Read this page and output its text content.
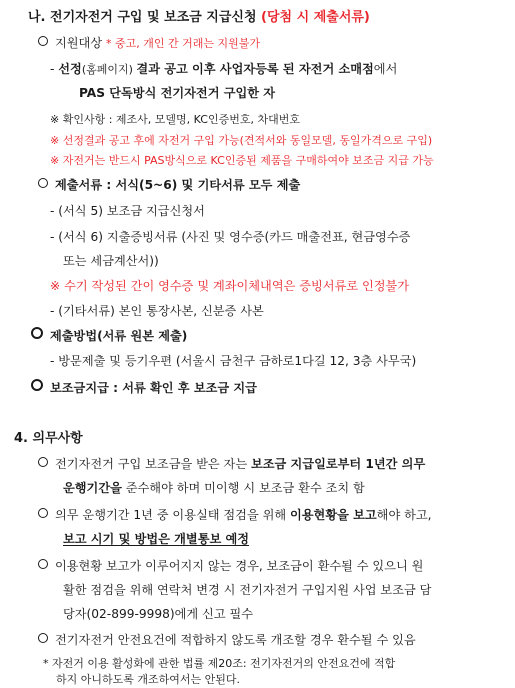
나. 전기자전거 구입 및 보조금 지급신청 (당첨 시 제출서류)
지원대상 * 중고, 개인 간 거래는 지원불가
- 선정(홈페이지) 결과 공고 이후 사업자등록 된 자전거 소매점에서
PAS 단독방식 전기자전거 구입한 자
※ 확인사항 : 제조사, 모델명, KC인증번호, 차대번호
※ 선정결과 공고 후에 자전거 구입 가능(견적서와 동일모델, 동일가격으로 구입)
※ 자전거는 반드시 PAS방식으로 KC인증된 제품을 구매하여야 보조금 지급 가능
제출서류 : 서식(5~6) 및 기타서류 모두 제출
- (서식 5) 보조금 지급신청서
- (서식 6) 지출증빙서류 (사진 및 영수증(카드 매출전표, 현금영수증
또는 세금계산서))
※ 수기 작성된 간이 영수증 및 계좌이체내역은 증빙서류로 인정불가
- (기타서류) 본인 통장사본, 신분증 사본
제출방법(서류 원본 제출)
- 방문제출 및 등기우편 (서울시 금천구 금하로1다길 12, 3층 사무국)
보조금지급 : 서류 확인 후 보조금 지급
4. 의무사항
전기자전거 구입 보조금을 받은 자는 보조금 지급일로부터 1년간 의무
운행기간을 준수해야 하며 미이행 시 보조금 환수 조치 함
의무 운행기간 1년 중 이용실태 점검을 위해 이용현황을 보고해야 하고,
보고 시기 및 방법은 개별통보 예정
이용현황 보고가 이루어지지 않는 경우, 보조금이 환수될 수 있으니 원
활한 점검을 위해 연락처 변경 시 전기자전거 구입지원 사업 보조금 담
당자(02-899-9998)에게 신고 필수
전기자전거 안전요건에 적합하지 않도록 개조할 경우 환수될 수 있음
* 자전거 이용 활성화에 관한 법률 제20조: 전기자전거의 안전요건에 적합
하지 아니하도록 개조하여서는 안된다.
